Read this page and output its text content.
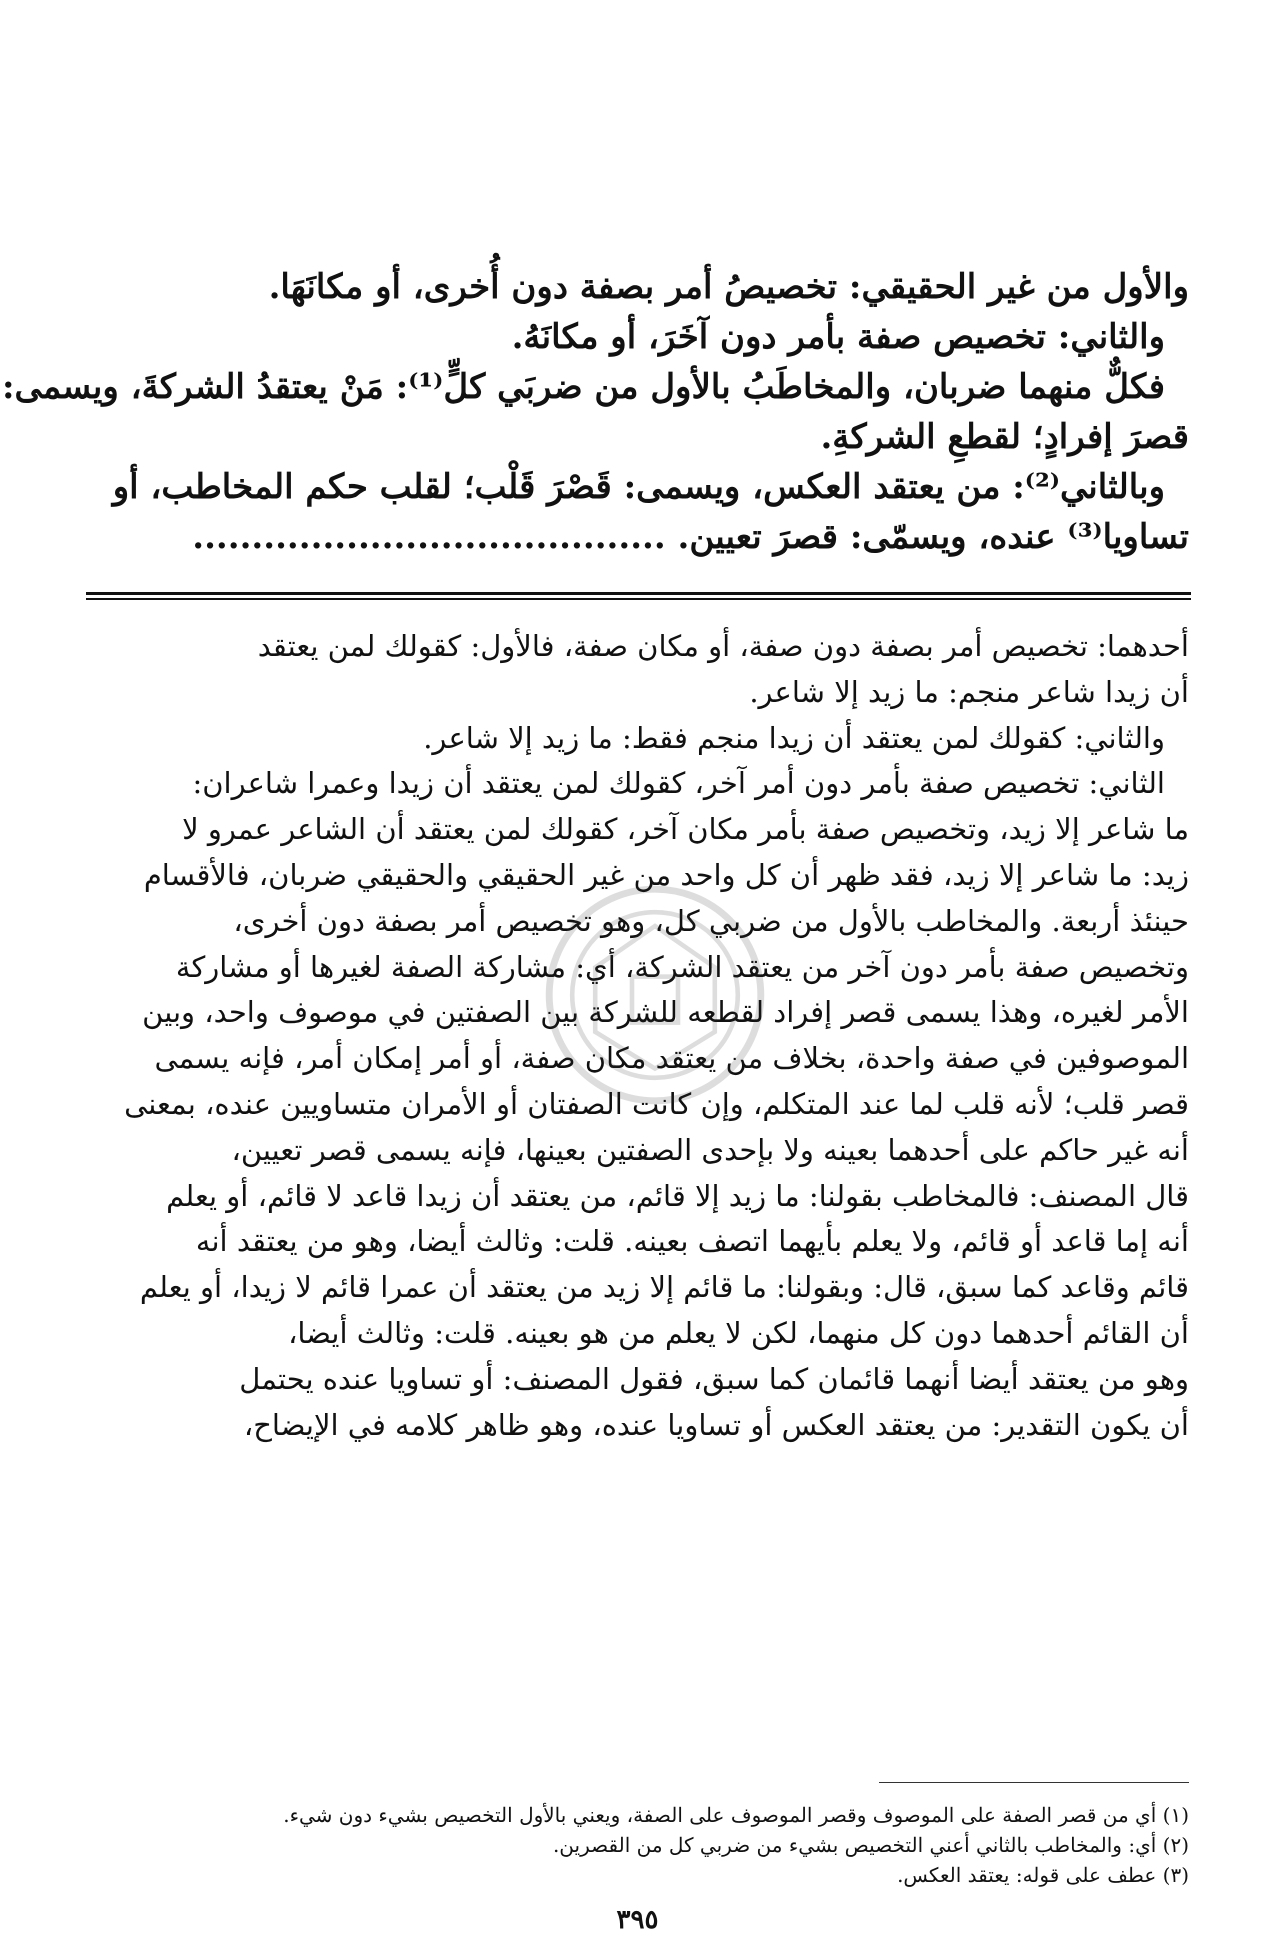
والأول من غير الحقيقي: تخصيصُ أمر بصفة دون أُخرى، أو مكانَهَا.
والثاني: تخصيص صفة بأمر دون آخَرَ، أو مكانَهُ.
فكلٌّ منهما ضربان، والمخاطَبُ بالأول من ضربَي كلٍّ⁽¹⁾: مَنْ يعتقدُ الشركةَ، ويسمى:
قصرَ إفرادٍ؛ لقطعِ الشركةِ.
وبالثاني⁽²⁾: من يعتقد العكس، ويسمى: قَصْرَ قَلْب؛ لقلب حكم المخاطب، أو
تساويا⁽³⁾ عنده، ويسمّى: قصرَ تعيين. ........................................
أحدهما: تخصيص أمر بصفة دون صفة، أو مكان صفة، فالأول: كقولك لمن يعتقد
أن زيدا شاعر منجم: ما زيد إلا شاعر.
والثاني: كقولك لمن يعتقد أن زيدا منجم فقط: ما زيد إلا شاعر.
الثاني: تخصيص صفة بأمر دون أمر آخر، كقولك لمن يعتقد أن زيدا وعمرا شاعران:
ما شاعر إلا زيد، وتخصيص صفة بأمر مكان آخر، كقولك لمن يعتقد أن الشاعر عمرو لا
زيد: ما شاعر إلا زيد، فقد ظهر أن كل واحد من غير الحقيقي والحقيقي ضربان، فالأقسام
حينئذ أربعة. والمخاطب بالأول من ضربي كل، وهو تخصيص أمر بصفة دون أخرى،
وتخصيص صفة بأمر دون آخر من يعتقد الشركة، أي: مشاركة الصفة لغيرها أو مشاركة
الأمر لغيره، وهذا يسمى قصر إفراد لقطعه للشركة بين الصفتين في موصوف واحد، وبين
الموصوفين في صفة واحدة، بخلاف من يعتقد مكان صفة، أو أمر إمكان أمر، فإنه يسمى
قصر قلب؛ لأنه قلب لما عند المتكلم، وإن كانت الصفتان أو الأمران متساويين عنده، بمعنى
أنه غير حاكم على أحدهما بعينه ولا بإحدى الصفتين بعينها، فإنه يسمى قصر تعيين،
قال المصنف: فالمخاطب بقولنا: ما زيد إلا قائم، من يعتقد أن زيدا قاعد لا قائم، أو يعلم
أنه إما قاعد أو قائم، ولا يعلم بأيهما اتصف بعينه. قلت: وثالث أيضا، وهو من يعتقد أنه
قائم وقاعد كما سبق، قال: وبقولنا: ما قائم إلا زيد من يعتقد أن عمرا قائم لا زيدا، أو يعلم
أن القائم أحدهما دون كل منهما، لكن لا يعلم من هو بعينه. قلت: وثالث أيضا،
وهو من يعتقد أيضا أنهما قائمان كما سبق، فقول المصنف: أو تساويا عنده يحتمل
أن يكون التقدير: من يعتقد العكس أو تساويا عنده، وهو ظاهر كلامه في الإيضاح،
(١) أي من قصر الصفة على الموصوف وقصر الموصوف على الصفة، ويعني بالأول التخصيص بشيء دون شيء.
(٢) أي: والمخاطب بالثاني أعني التخصيص بشيء من ضربي كل من القصرين.
(٣) عطف على قوله: يعتقد العكس.
٣٩٥
